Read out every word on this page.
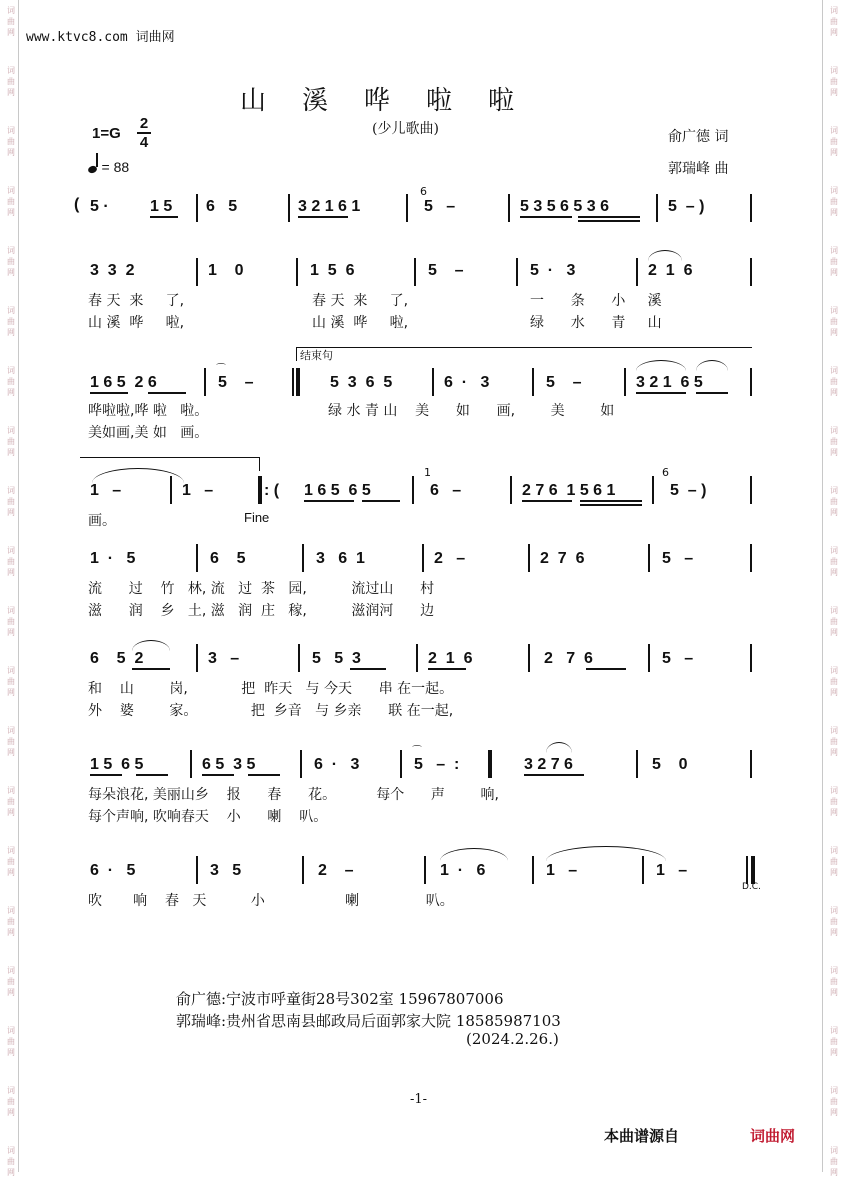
词
曲
网
词
曲
网
词
曲
网
词
曲
网
词
曲
网
词
曲
网
词
曲
网
词
曲
网
词
曲
网
词
曲
网
词
曲
网
词
曲
网
词
曲
网
词
曲
网
词
曲
网
词
曲
网
词
曲
网
词
曲
网
词
曲
网
词
曲
网
词
曲
网
词
曲
网
词
曲
网
词
曲
网
词
曲
网
词
曲
网
词
曲
网
词
曲
网
词
曲
网
词
曲
网
词
曲
网
词
曲
网
词
曲
网
词
曲
网
词
曲
网
词
曲
网
词
曲
网
词
曲
网
词
曲
网
词
曲
网
www.ktvc8.com 词曲网
山溪哗啦啦
(少儿歌曲)	俞广德 词
郭瑞峰 曲
1=G
2
4
= 88
( 5 ·	1 5 6   5	3 2 1 6 1
6
5   –	5 3 5 6 5 3 6	5  – )
3  3  2	1    0	1  5  6	5    –	5  ·   3	2  1  6
春 天 来 了,	春 天 来 了,	一 条 小 溪
山 溪 哗 啦,	山 溪 哗 啦,	绿 水 青 山
结束句
1 6 5  2 6	5    –	5  3  6  5	6  ·   3	5    –	3 2 1  6 5
⌒
哗啦啦,哗 啦 啦。	绿 水 青 山 美 如 画,	美	如
美如画,美 如 画。
1   –	1   –	: ( 1 6 5  6 5
1
6   –	2 7 6  1 5 6 1
6
5  – )
画。	Fine
1  ·   5	6    5	3   6  1	2   –	2  7  6	5   –
流 过 竹 林, 流 过 茶 园,	流过山 村
滋 润 乡 土, 滋 润 庄 稼,	滋润河 边
6    5  2	3   –	5   5  3	2  1  6	2   7  6	5   –
和 山	岗,	把 昨天 与 今天 串 在一起。
外 婆	家。	把 乡音 与 乡亲 联 在一起,
1 5  6 5	6 5  3 5	6  ·   3
⌒
5   –  :	3 2 7 6	5    0
每朵浪花, 美丽山乡 报 春 花。	每个 声	响,
每个声响, 吹响春天 小 喇 叭。
6  ·   5	3   5	2    –	1  ·   6	1   –	1   –
D.C.
吹 响 春 天	小	喇	叭。
俞广德:宁波市呼童街28号302室 15967807006
郭瑞峰:贵州省思南县邮政局后面郭家大院 18585987103
(2024.2.26.)
-1-
本曲谱源自	词曲网
